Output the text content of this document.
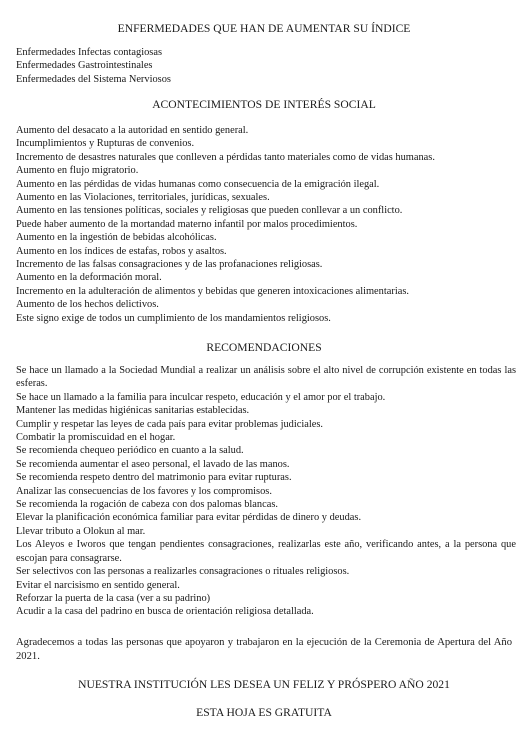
ENFERMEDADES QUE HAN DE AUMENTAR SU ÍNDICE
Enfermedades Infectas contagiosas
Enfermedades Gastrointestinales
Enfermedades del Sistema Nerviosos
ACONTECIMIENTOS DE INTERÉS SOCIAL
Aumento del desacato a la autoridad en sentido general.
Incumplimientos y Rupturas de convenios.
Incremento de desastres naturales que conlleven a pérdidas tanto materiales como de vidas humanas.
Aumento en flujo migratorio.
Aumento en las pérdidas de vidas humanas como consecuencia de la emigración ilegal.
Aumento en las Violaciones, territoriales, jurídicas, sexuales.
Aumento en las tensiones políticas, sociales y religiosas que pueden conllevar a un conflicto.
Puede haber aumento de la mortandad materno infantil por malos procedimientos.
Aumento en la ingestión de bebidas alcohólicas.
Aumento en los índices de estafas, robos y asaltos.
Incremento de las falsas consagraciones y de las profanaciones religiosas.
Aumento en la deformación moral.
Incremento en la adulteración de alimentos y bebidas que generen intoxicaciones alimentarias.
Aumento de los hechos delictivos.
Este signo exige de todos un cumplimiento de los mandamientos religiosos.
RECOMENDACIONES
Se hace un llamado a la Sociedad Mundial a realizar un análisis sobre el alto nivel de corrupción existente en todas las esferas.
Se hace un llamado a la familia para inculcar respeto, educación y el amor por el trabajo.
Mantener las medidas higiénicas sanitarias establecidas.
Cumplir y respetar las leyes de cada país para evitar problemas judiciales.
Combatir la promiscuidad en el hogar.
Se recomienda chequeo periódico en cuanto a la salud.
Se recomienda aumentar el aseo personal, el lavado de las manos.
Se recomienda respeto dentro del matrimonio para evitar rupturas.
Analizar las consecuencias de los favores y los compromisos.
Se recomienda la rogación de cabeza con dos palomas blancas.
Elevar la planificación económica familiar para evitar pérdidas de dinero y deudas.
Llevar tributo a Olokun al mar.
Los Aleyos e Iworos que tengan pendientes consagraciones, realizarlas este año, verificando antes, a la persona que escojan para consagrarse.
Ser selectivos con las personas a realizarles consagraciones o rituales religiosos.
Evitar el narcisismo en sentido general.
Reforzar la puerta de la casa (ver a su padrino)
Acudir a la casa del padrino en busca de orientación religiosa detallada.
Agradecemos a todas las personas que apoyaron y trabajaron en la ejecución de la Ceremonia de Apertura del Año 2021.
NUESTRA INSTITUCIÓN LES DESEA UN FELIZ Y PRÓSPERO AÑO 2021
ESTA HOJA ES GRATUITA
